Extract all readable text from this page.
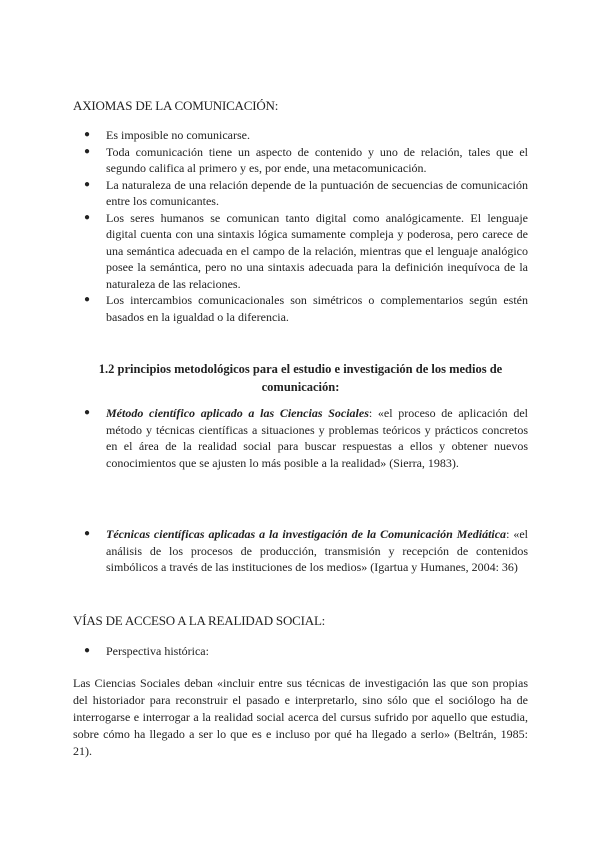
AXIOMAS DE LA COMUNICACIÓN:
● Es imposible no comunicarse.
● Toda comunicación tiene un aspecto de contenido y uno de relación, tales que el segundo califica al primero y es, por ende, una metacomunicación.
● La naturaleza de una relación depende de la puntuación de secuencias de comunicación entre los comunicantes.
● Los seres humanos se comunican tanto digital como analógicamente. El lenguaje digital cuenta con una sintaxis lógica sumamente compleja y poderosa, pero carece de una semántica adecuada en el campo de la relación, mientras que el lenguaje analógico posee la semántica, pero no una sintaxis adecuada para la definición inequívoca de la naturaleza de las relaciones.
● Los intercambios comunicacionales son simétricos o complementarios según estén basados en la igualdad o la diferencia.
1.2 principios metodológicos para el estudio e investigación de los medios de comunicación:
● Método científico aplicado a las Ciencias Sociales: «el proceso de aplicación del método y técnicas científicas a situaciones y problemas teóricos y prácticos concretos en el área de la realidad social para buscar respuestas a ellos y obtener nuevos conocimientos que se ajusten lo más posible a la realidad» (Sierra, 1983).
● Técnicas científicas aplicadas a la investigación de la Comunicación Mediática: «el análisis de los procesos de producción, transmisión y recepción de contenidos simbólicos a través de las instituciones de los medios» (Igartua y Humanes, 2004: 36)
VÍAS DE ACCESO A LA REALIDAD SOCIAL:
● Perspectiva histórica:

Las Ciencias Sociales deban «incluir entre sus técnicas de investigación las que son propias del historiador para reconstruir el pasado e interpretarlo, sino sólo que el sociólogo ha de interrogarse e interrogar a la realidad social acerca del cursus sufrido por aquello que estudia, sobre cómo ha llegado a ser lo que es e incluso por qué ha llegado a serlo» (Beltrán, 1985: 21).
